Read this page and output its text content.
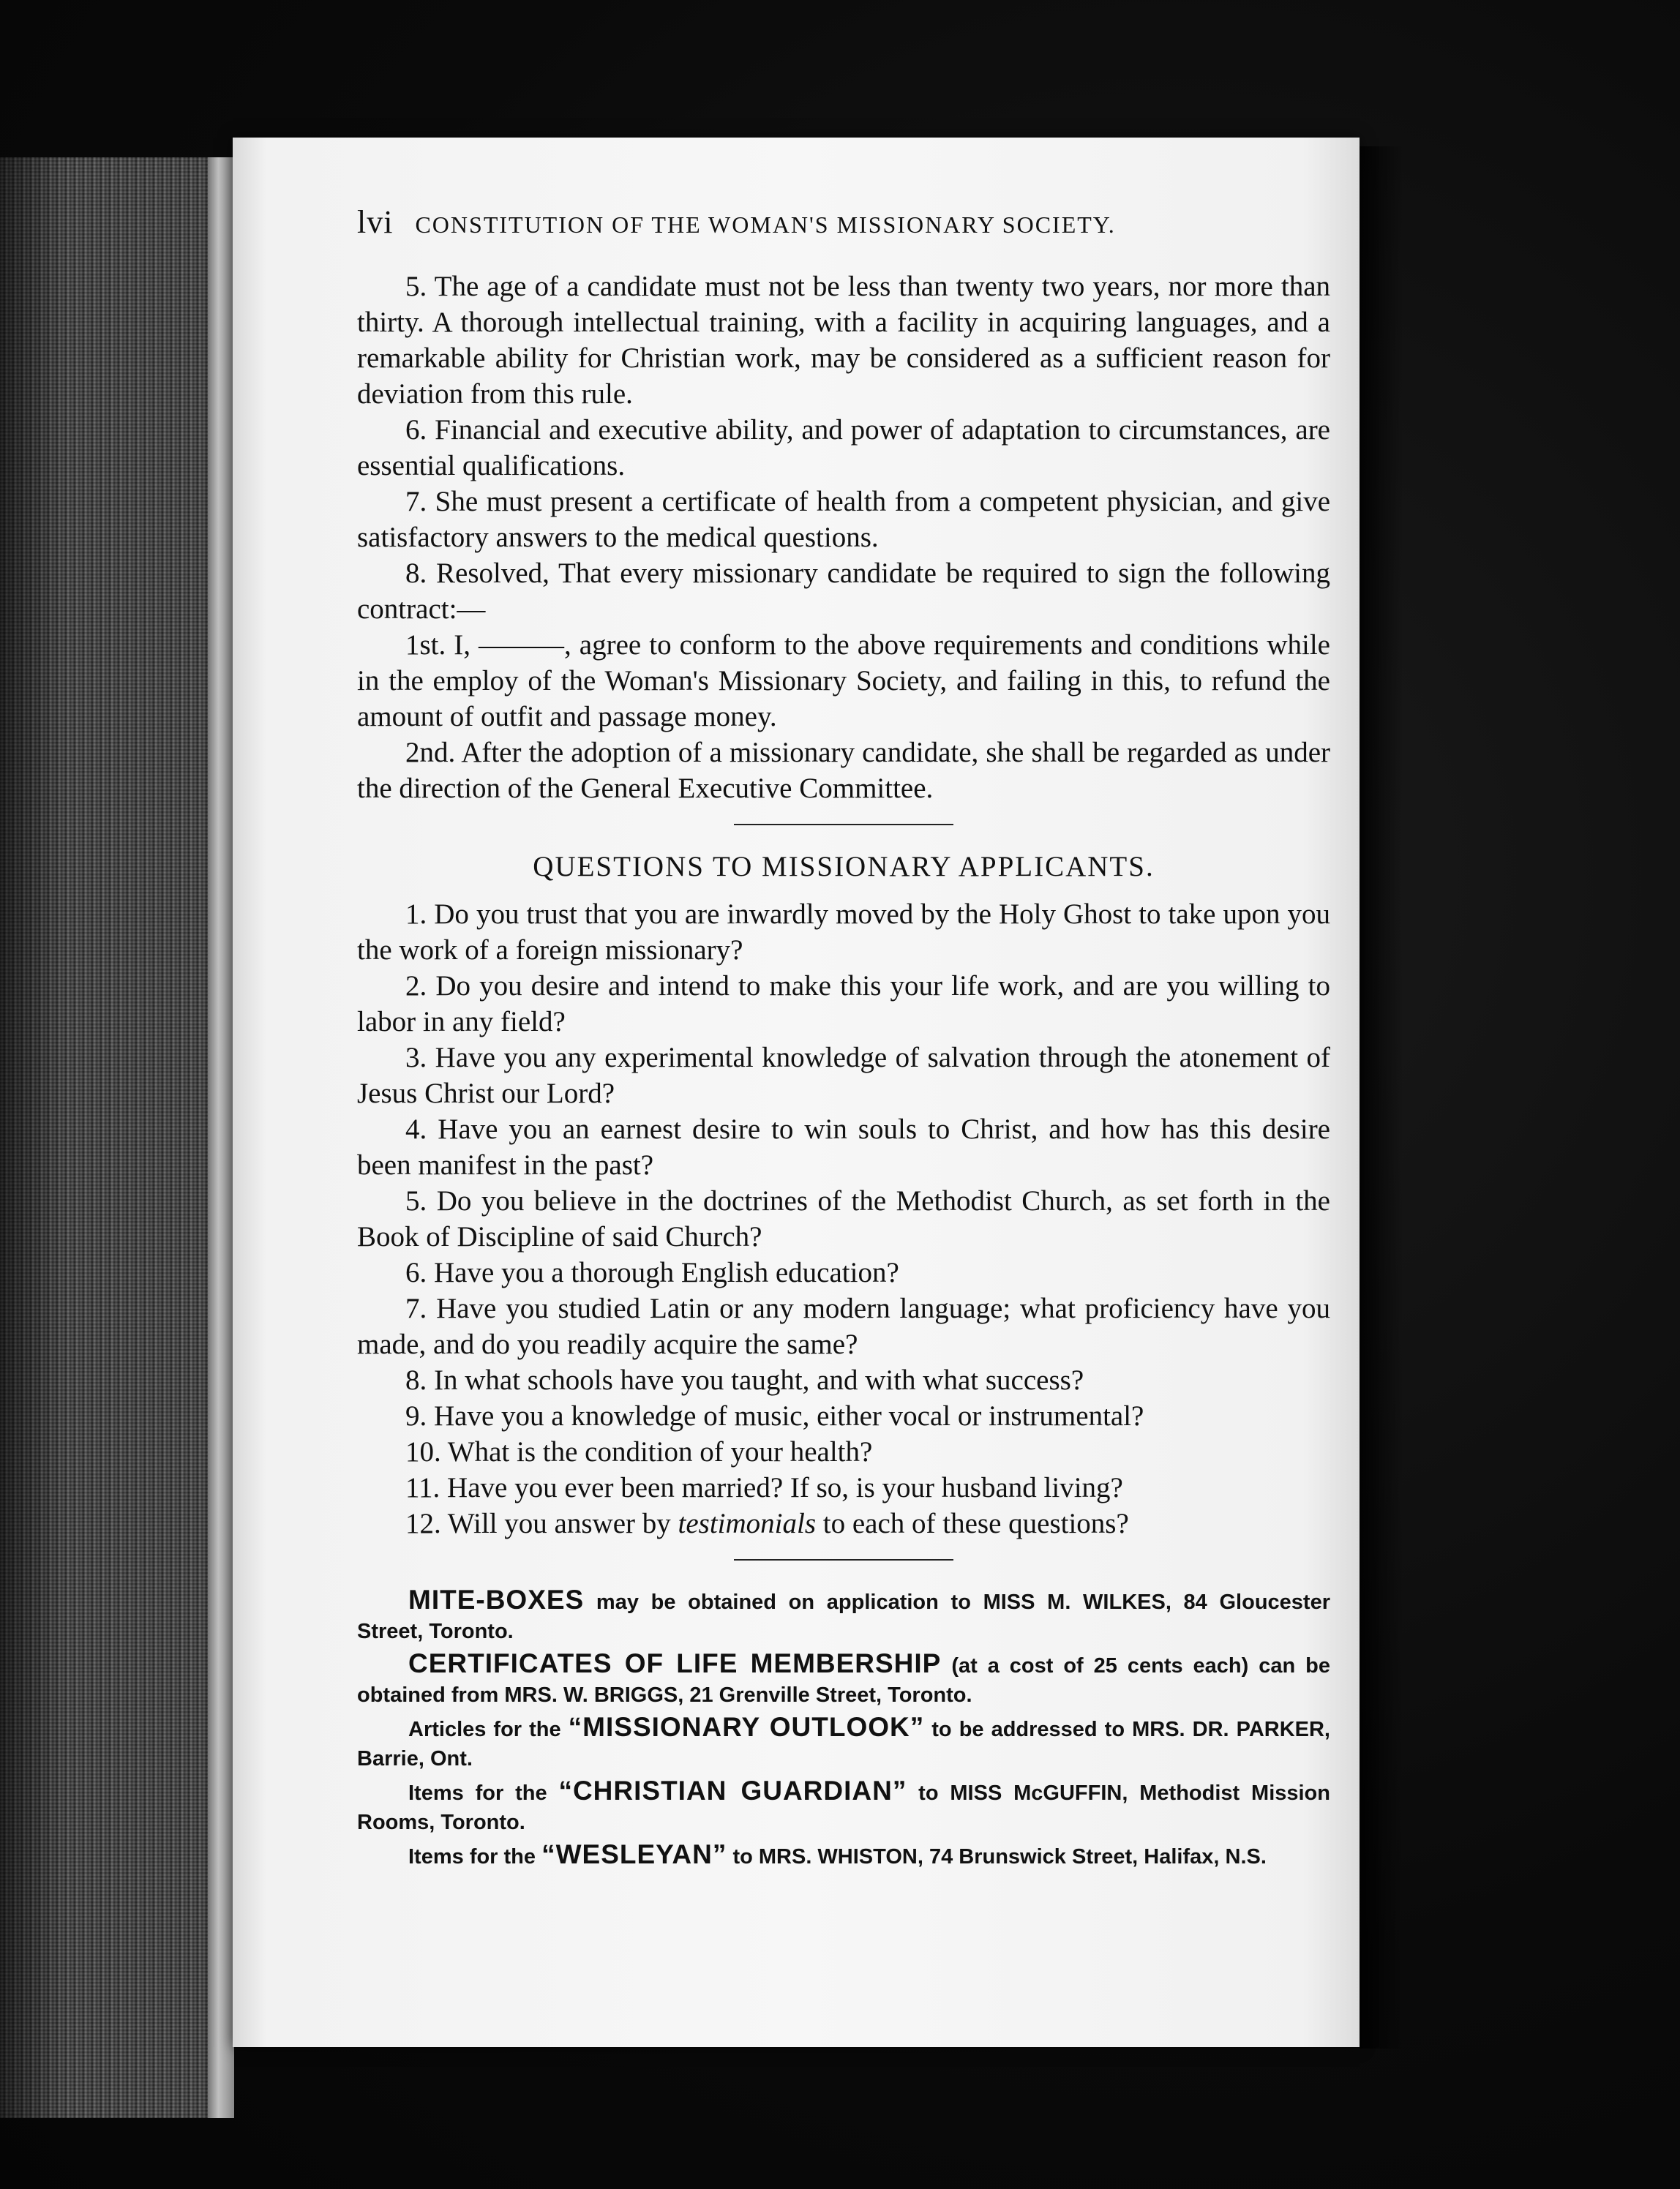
lvi CONSTITUTION OF THE WOMAN'S MISSIONARY SOCIETY.

5. The age of a candidate must not be less than twenty two years, nor more than thirty. A thorough intellectual training, with a facility in acquiring languages, and a remarkable ability for Christian work, may be considered as a sufficient reason for deviation from this rule.

6. Financial and executive ability, and power of adaptation to circumstances, are essential qualifications.

7. She must present a certificate of health from a competent physician, and give satisfactory answers to the medical questions.

8. Resolved, That every missionary candidate be required to sign the following contract:—

1st. I, ———, agree to conform to the above requirements and conditions while in the employ of the Woman's Missionary Society, and failing in this, to refund the amount of outfit and passage money.

2nd. After the adoption of a missionary candidate, she shall be regarded as under the direction of the General Executive Committee.

QUESTIONS TO MISSIONARY APPLICANTS.

1. Do you trust that you are inwardly moved by the Holy Ghost to take upon you the work of a foreign missionary?

2. Do you desire and intend to make this your life work, and are you willing to labor in any field?

3. Have you any experimental knowledge of salvation through the atonement of Jesus Christ our Lord?

4. Have you an earnest desire to win souls to Christ, and how has this desire been manifest in the past?

5. Do you believe in the doctrines of the Methodist Church, as set forth in the Book of Discipline of said Church?

6. Have you a thorough English education?

7. Have you studied Latin or any modern language; what proficiency have you made, and do you readily acquire the same?

8. In what schools have you taught, and with what success?

9. Have you a knowledge of music, either vocal or instrumental?

10. What is the condition of your health?

11. Have you ever been married? If so, is your husband living?

12. Will you answer by testimonials to each of these questions?

MITE-BOXES may be obtained on application to MISS M. WILKES, 84 Gloucester Street, Toronto.

CERTIFICATES OF LIFE MEMBERSHIP (at a cost of 25 cents each) can be obtained from MRS. W. BRIGGS, 21 Grenville Street, Toronto.

Articles for the “MISSIONARY OUTLOOK” to be addressed to MRS. DR. PARKER, Barrie, Ont.

Items for the “CHRISTIAN GUARDIAN” to MISS McGUFFIN, Methodist Mission Rooms, Toronto.

Items for the “WESLEYAN” to MRS. WHISTON, 74 Brunswick Street, Halifax, N.S.
